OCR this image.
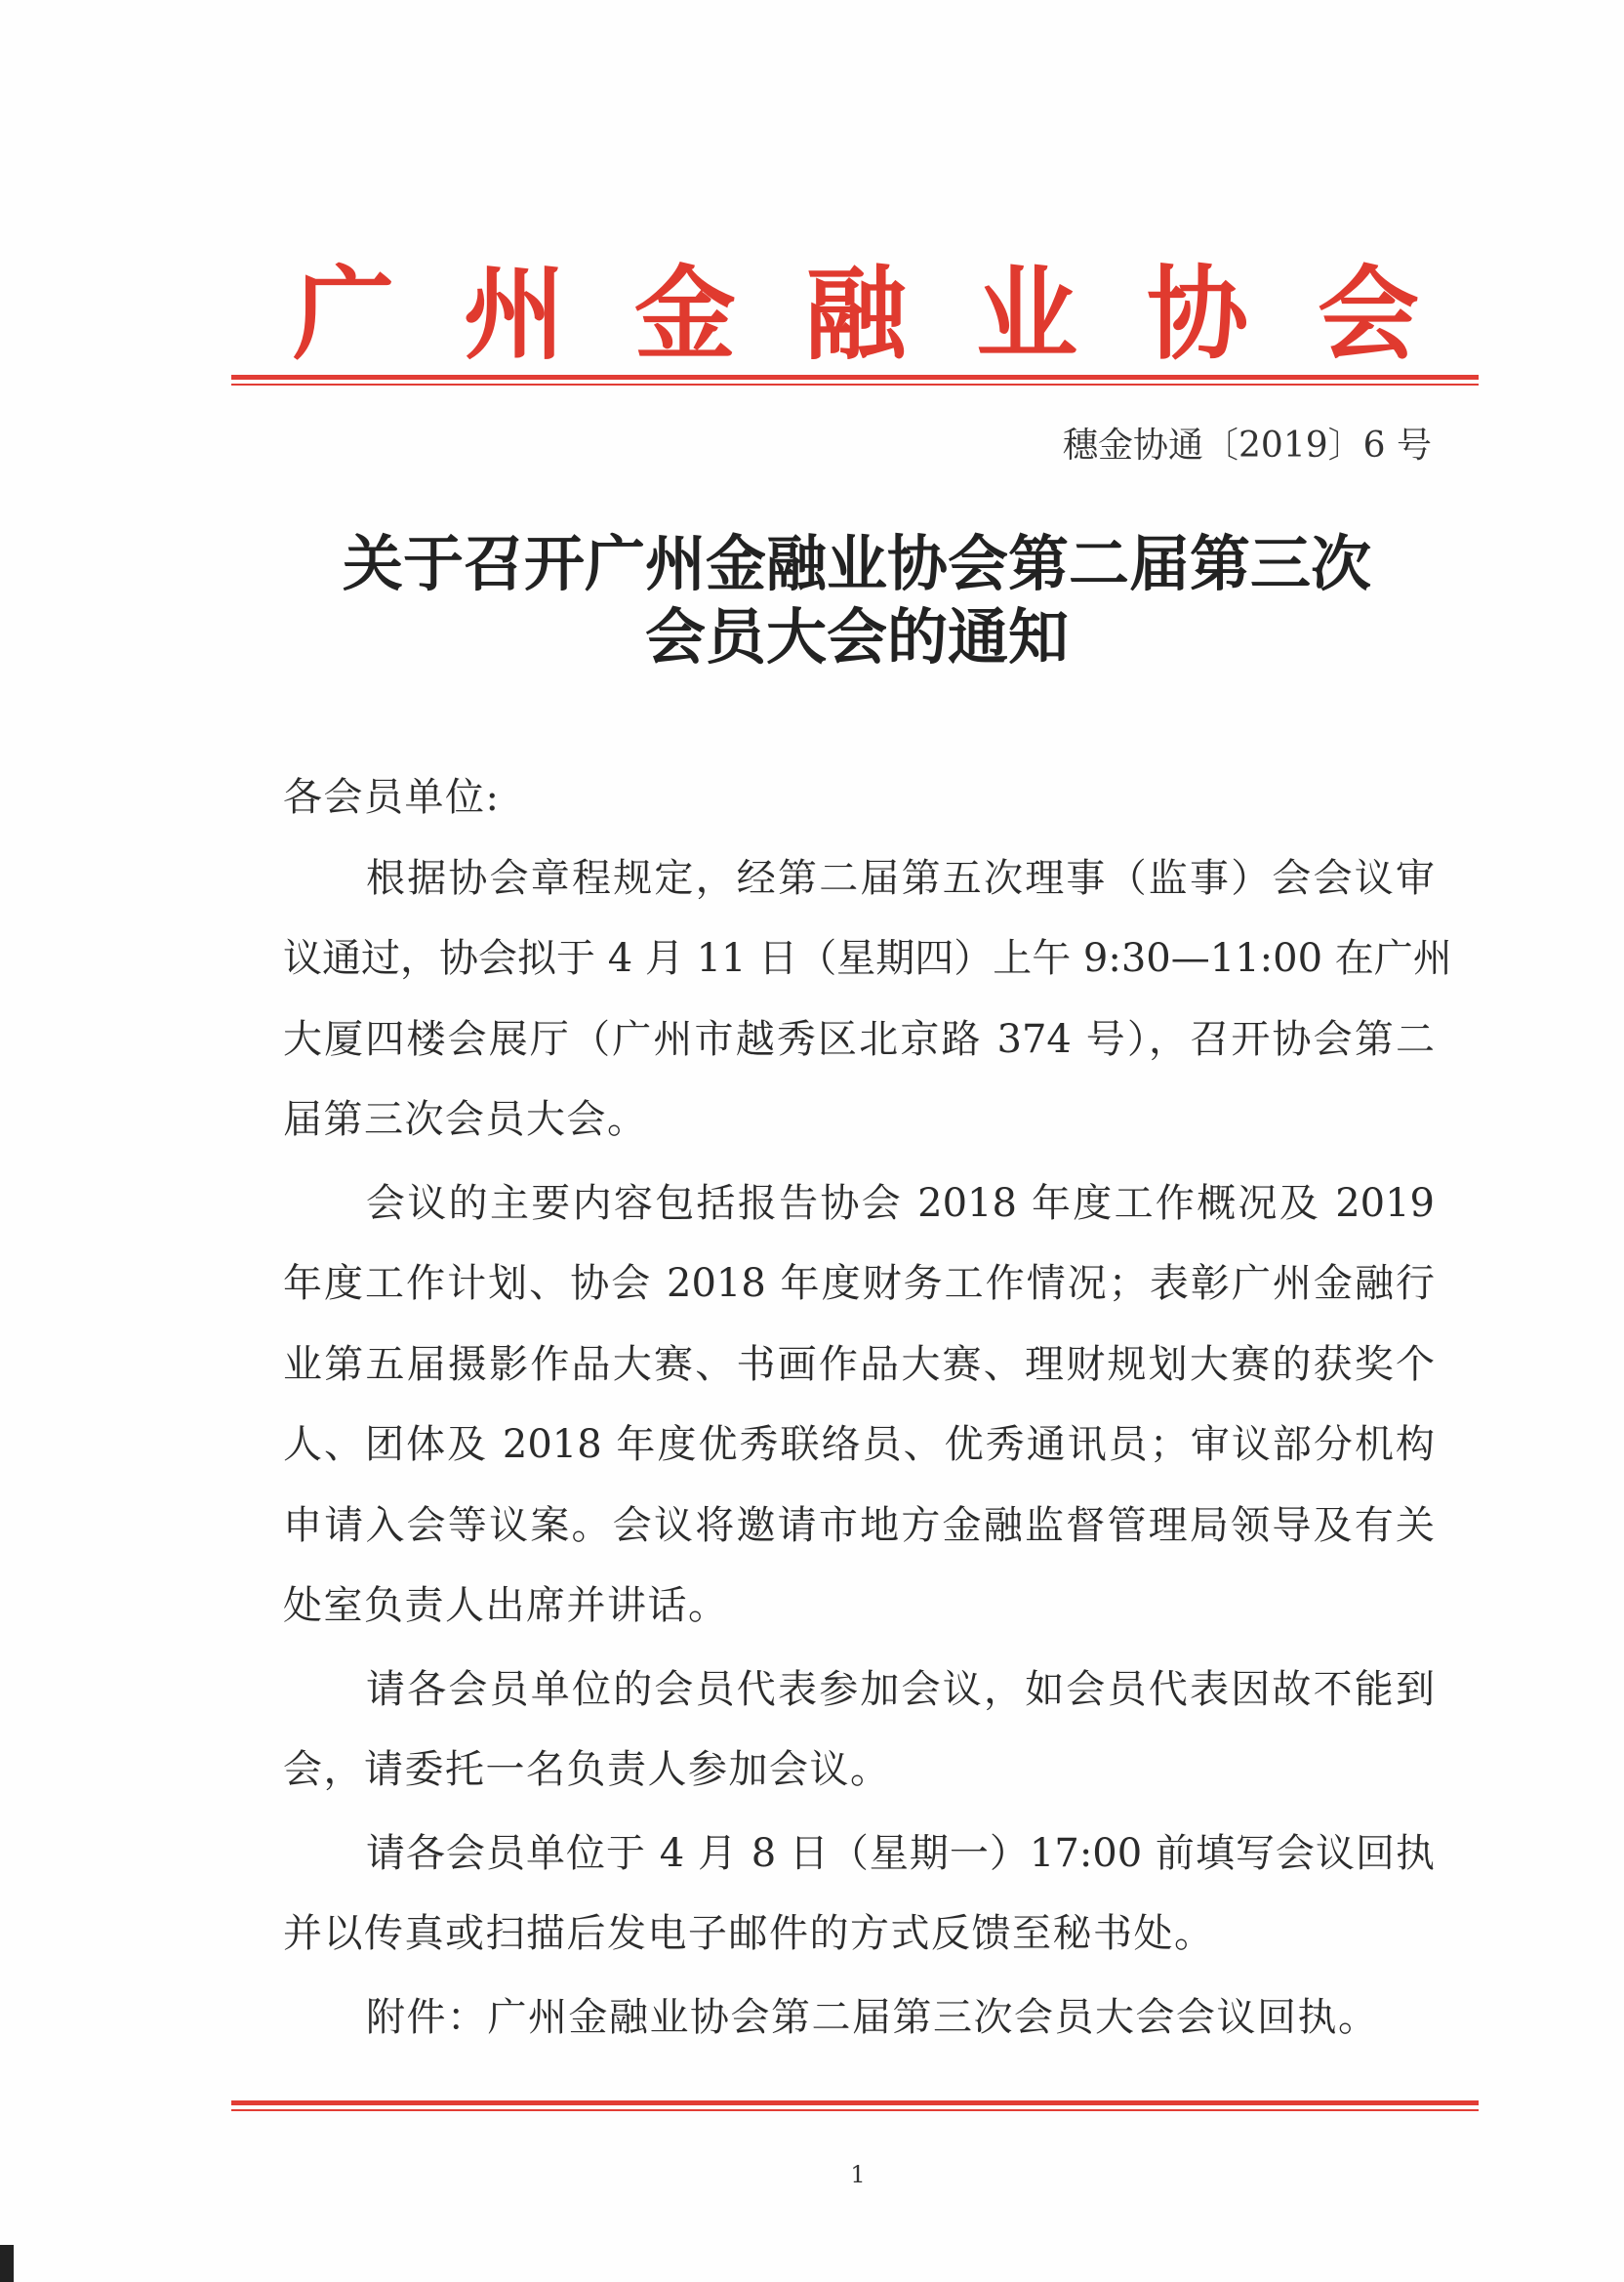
广州金融业协会
穗金协通〔2019〕6 号
关于召开广州金融业协会第二届第三次
会员大会的通知
各会员单位:
根据协会章程规定，经第二届第五次理事（监事）会会议审
议通过，协会拟于 4 月 11 日（星期四）上午 9:30—11:00 在广州
大厦四楼会展厅（广州市越秀区北京路 374 号），召开协会第二
届第三次会员大会。
会议的主要内容包括报告协会 2018 年度工作概况及 2019
年度工作计划、协会 2018 年度财务工作情况；表彰广州金融行
业第五届摄影作品大赛、书画作品大赛、理财规划大赛的获奖个
人、团体及 2018 年度优秀联络员、优秀通讯员；审议部分机构
申请入会等议案。会议将邀请市地方金融监督管理局领导及有关
处室负责人出席并讲话。
请各会员单位的会员代表参加会议，如会员代表因故不能到
会，请委托一名负责人参加会议。
请各会员单位于 4 月 8 日（星期一）17:00 前填写会议回执
并以传真或扫描后发电子邮件的方式反馈至秘书处。
附件：广州金融业协会第二届第三次会员大会会议回执。
1
